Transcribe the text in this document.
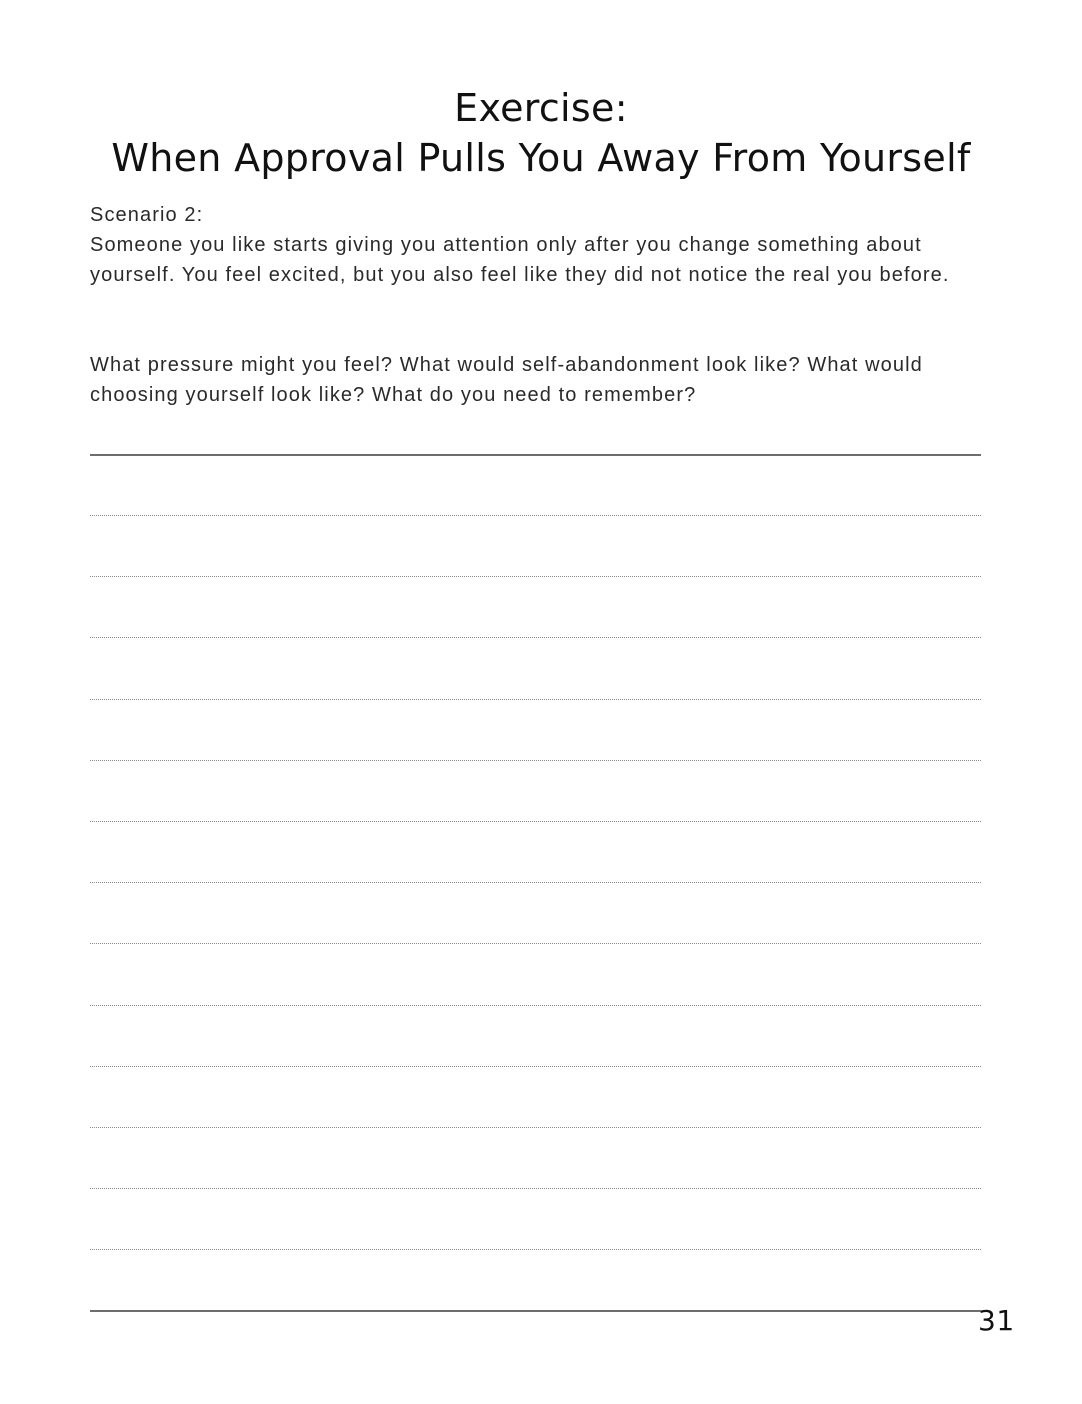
Exercise:
When Approval Pulls You Away From Yourself

Scenario 2:

Someone you like starts giving you attention only after you change something about yourself. You feel excited, but you also feel like they did not notice the real you before.

What pressure might you feel? What would self-abandonment look like? What would choosing yourself look like? What do you need to remember?

31
